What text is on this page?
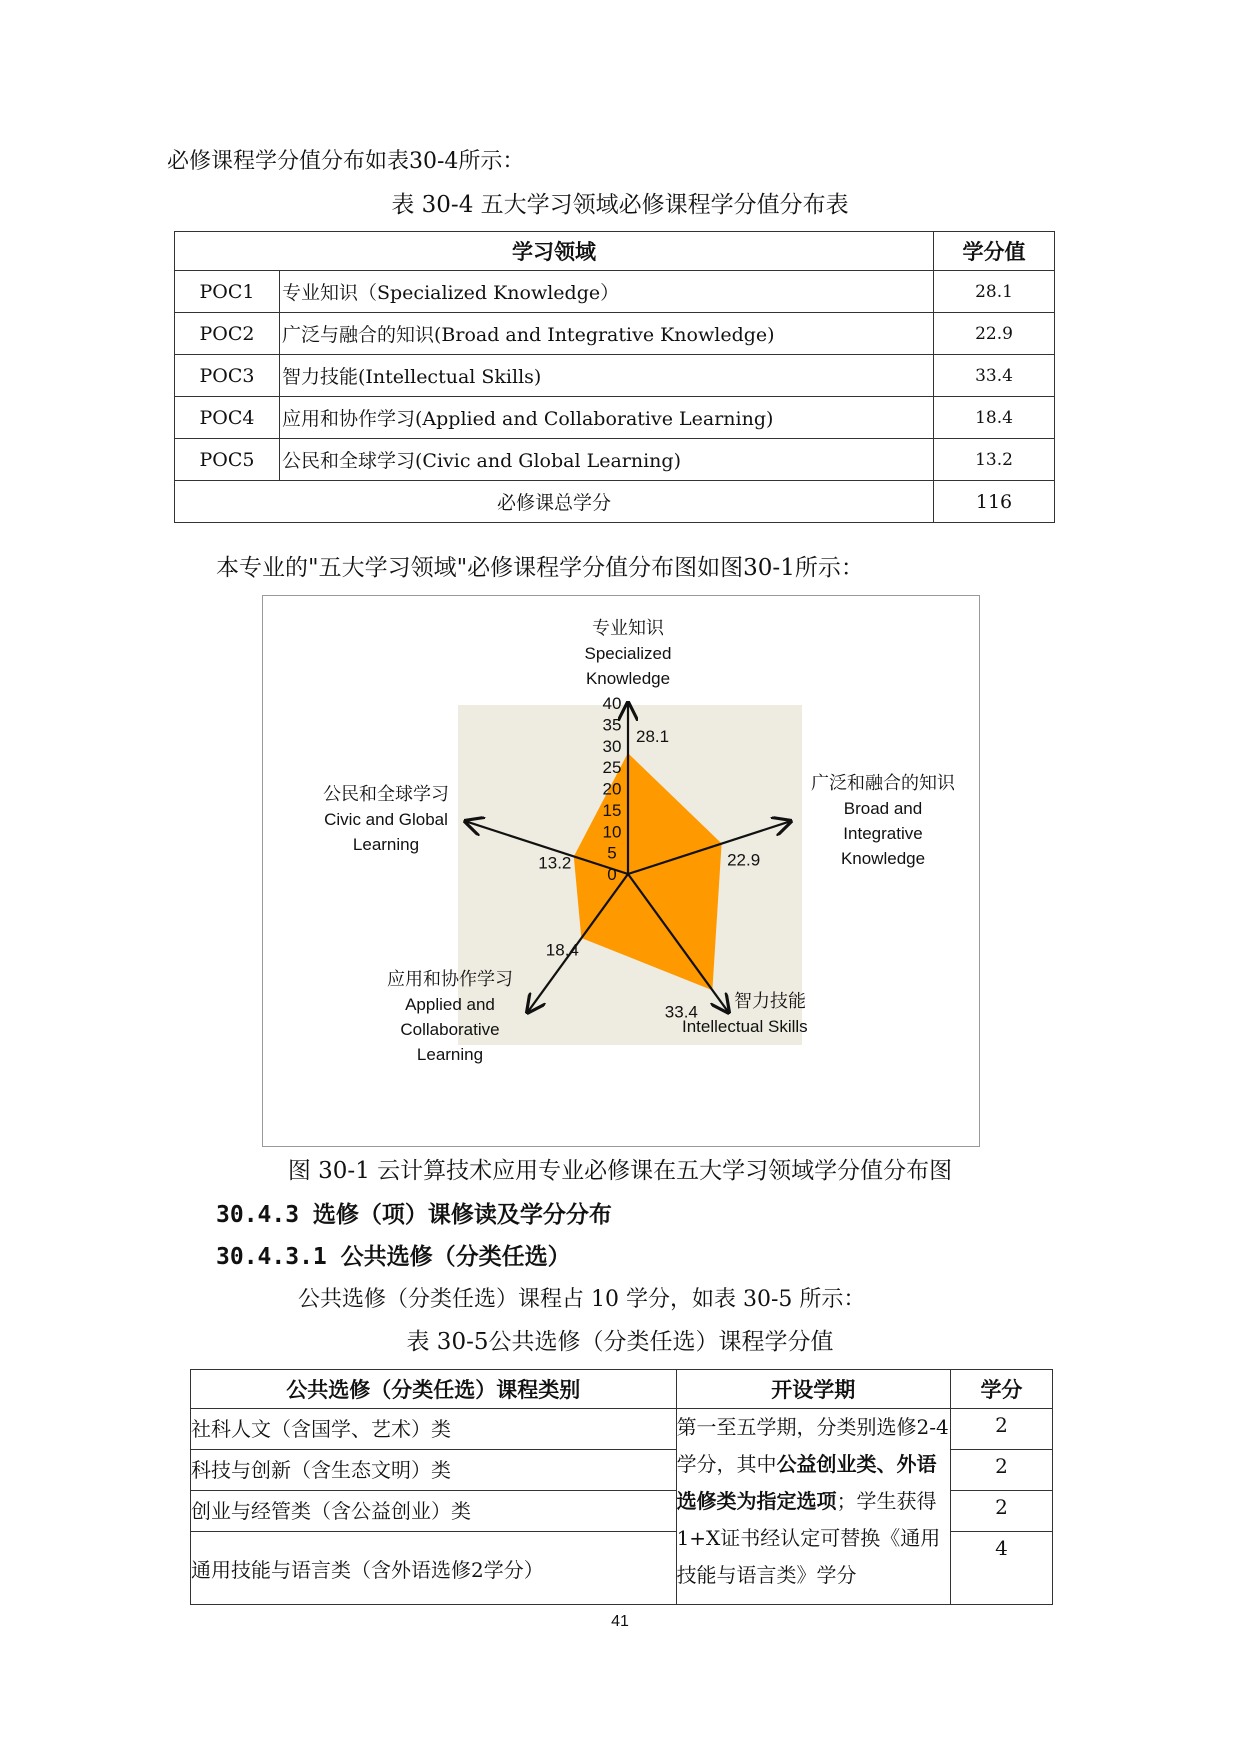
必修课程学分值分布如表30-4所示：
表 30-4 五大学习领域必修课程学分值分布表
学习领域		学分值
POC1	专业知识（Specialized Knowledge）	28.1
POC2	广泛与融合的知识(Broad and Integrative Knowledge)	22.9
POC3	智力技能(Intellectual Skills)	33.4
POC4	应用和协作学习(Applied and Collaborative Learning)	18.4
POC5	公民和全球学习(Civic and Global Learning)	13.2
必修课总学分		116
本专业的"五大学习领域"必修课程学分值分布图如图30-1所示：
0
5
10
15
20
25
30
35
40
28.1
22.9
33.4
18.4
13.2
专业知识
Specialized
Knowledge
广泛和融合的知识
Broad and
Integrative
Knowledge
智力技能
Intellectual Skills
应用和协作学习
Applied and
Collaborative
Learning
公民和全球学习
Civic and Global
Learning
图 30-1 云计算技术应用专业必修课在五大学习领域学分值分布图
30.4.3 选修（项）课修读及学分分布
30.4.3.1 公共选修（分类任选）
公共选修（分类任选）课程占 10 学分，如表 30-5 所示：
表 30-5公共选修（分类任选）课程学分值
公共选修（分类任选）课程类别	开设学期	学分
社科人文（含国学、艺术）类	第一至五学期，分类别选修2-4学分，其中公益创业类、外语选修类为指定选项；学生获得1+X证书经认定可替换《通用技能与语言类》学分	2
科技与创新（含生态文明）类		2
创业与经管类（含公益创业）类		2
通用技能与语言类（含外语选修2学分）		4
41
